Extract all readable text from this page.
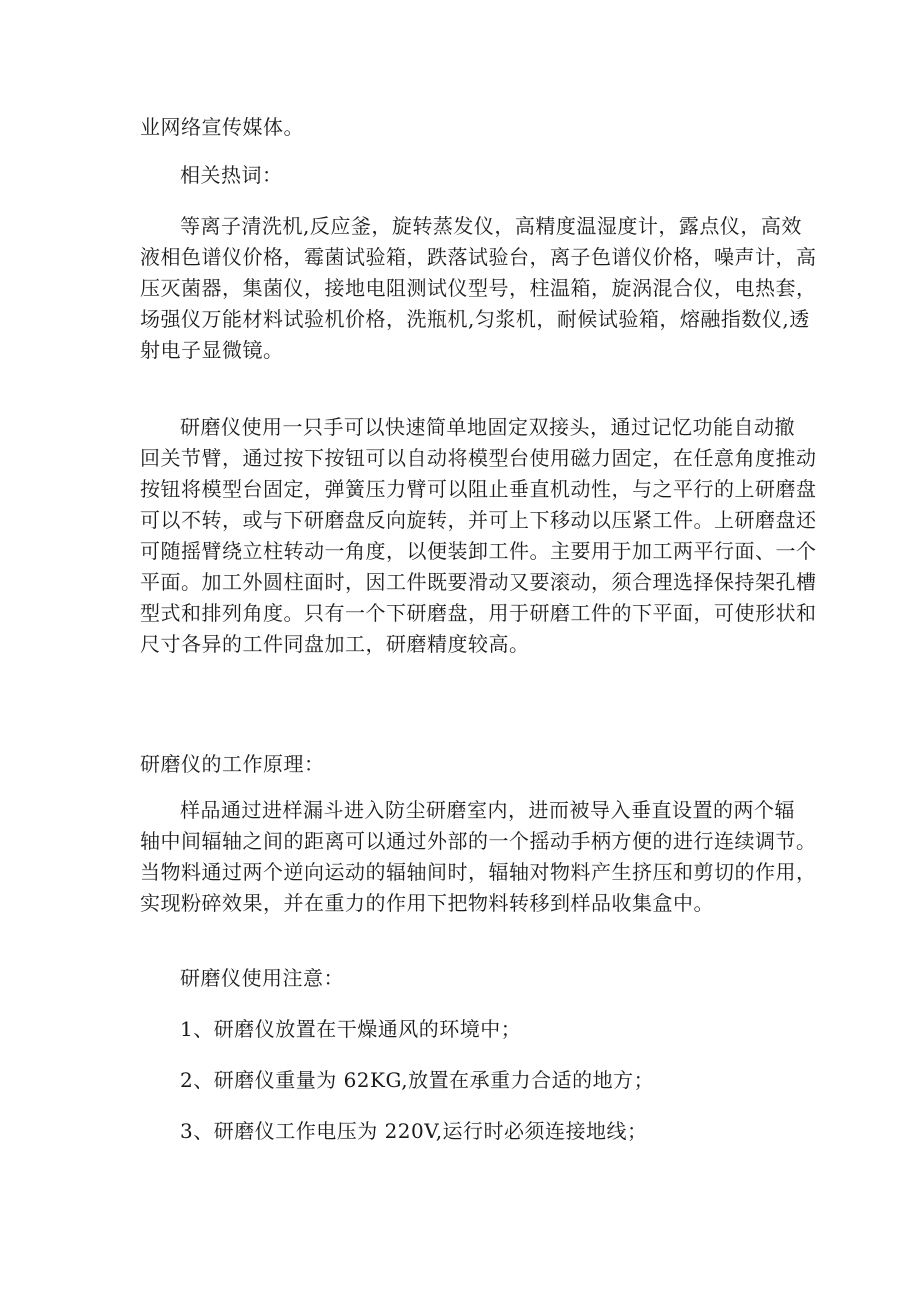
业网络宣传媒体。

相关热词：

等离子清洗机,反应釜，旋转蒸发仪，高精度温湿度计，露点仪，高效
液相色谱仪价格，霉菌试验箱，跌落试验台，离子色谱仪价格，噪声计，高
压灭菌器，集菌仪，接地电阻测试仪型号，柱温箱，旋涡混合仪，电热套，
场强仪万能材料试验机价格，洗瓶机,匀浆机，耐候试验箱，熔融指数仪,透
射电子显微镜。
研磨仪使用一只手可以快速简单地固定双接头，通过记忆功能自动撤
回关节臂，通过按下按钮可以自动将模型台使用磁力固定，在任意角度推动
按钮将模型台固定，弹簧压力臂可以阻止垂直机动性，与之平行的上研磨盘
可以不转，或与下研磨盘反向旋转，并可上下移动以压紧工件。上研磨盘还
可随摇臂绕立柱转动一角度，以便装卸工件。主要用于加工两平行面、一个
平面。加工外圆柱面时，因工件既要滑动又要滚动，须合理选择保持架孔槽
型式和排列角度。只有一个下研磨盘，用于研磨工件的下平面，可使形状和
尺寸各异的工件同盘加工，研磨精度较高。

研磨仪的工作原理：

样品通过进样漏斗进入防尘研磨室内，进而被导入垂直设置的两个辐
轴中间辐轴之间的距离可以通过外部的一个摇动手柄方便的进行连续调节。
当物料通过两个逆向运动的辐轴间时，辐轴对物料产生挤压和剪切的作用，
实现粉碎效果，并在重力的作用下把物料转移到样品收集盒中。

研磨仪使用注意：

1、研磨仪放置在干燥通风的环境中；

2、研磨仪重量为 62KG,放置在承重力合适的地方；

3、研磨仪工作电压为 220V,运行时必须连接地线；
